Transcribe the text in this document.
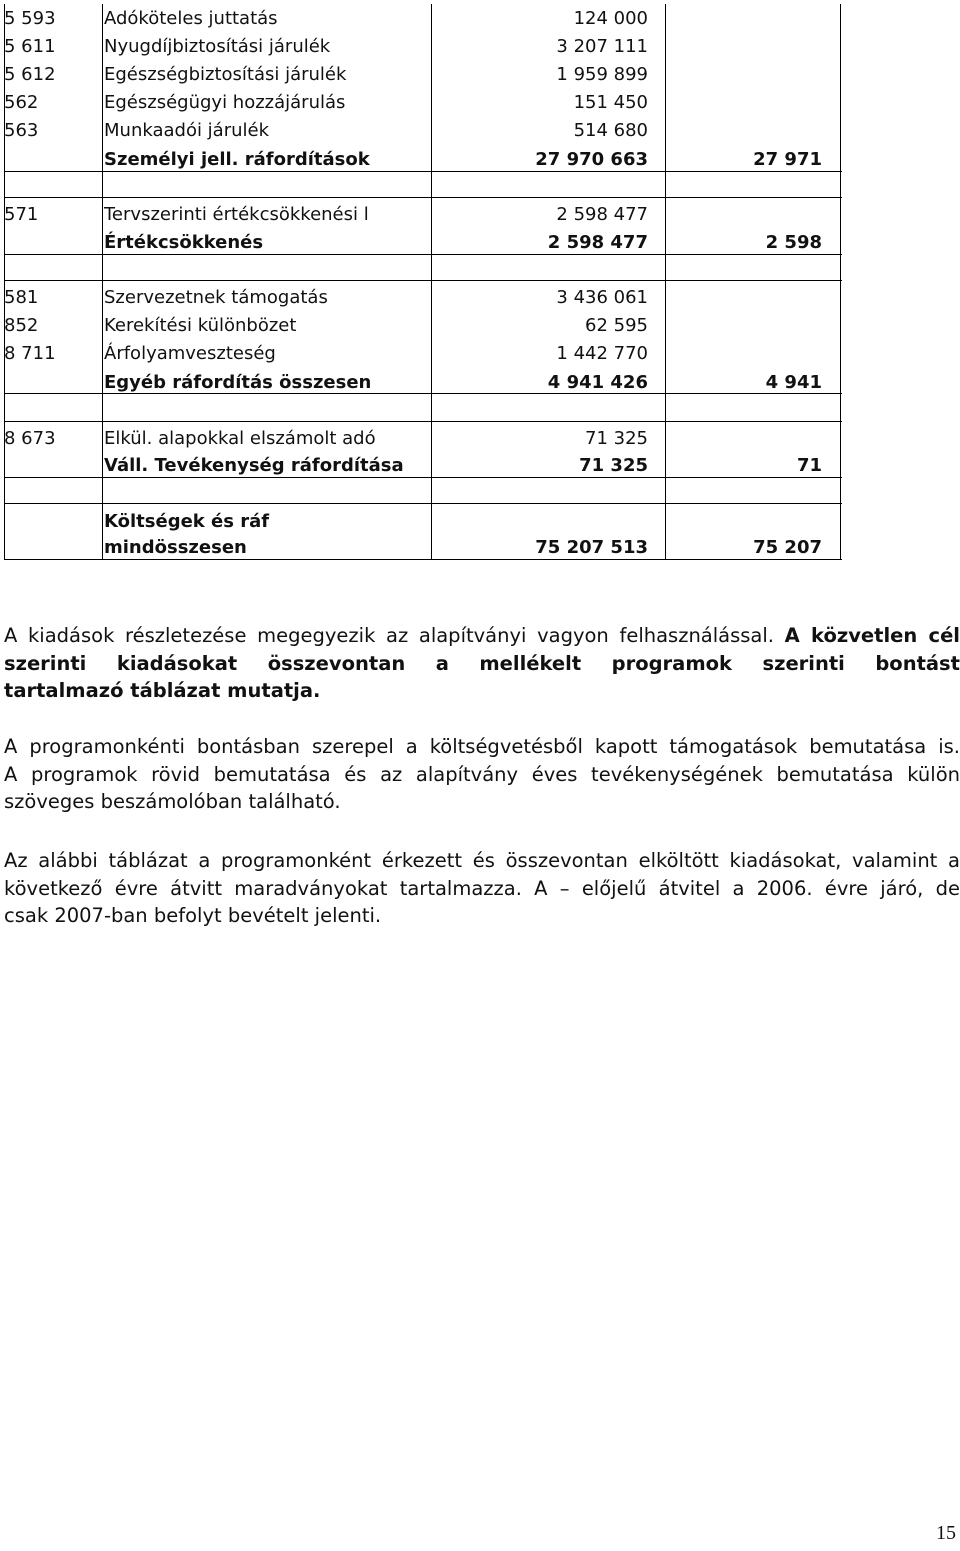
5 593	Adóköteles juttatás	124 000
5 611	Nyugdíjbiztosítási járulék	3 207 111
5 612	Egészségbiztosítási járulék	1 959 899
562	Egészségügyi hozzájárulás	151 450
563	Munkaadói járulék	514 680
Személyi jell. ráfordítások	27 970 663	27 971
571	Tervszerinti értékcsökkenési l	2 598 477
Értékcsökkenés	2 598 477	2 598
581	Szervezetnek támogatás	3 436 061
852	Kerekítési különbözet	62 595
8 711	Árfolyamveszteség	1 442 770
Egyéb ráfordítás összesen	4 941 426	4 941
8 673	Elkül. alapokkal elszámolt adó	71 325
Váll. Tevékenység ráfordítása	71 325	71
Költségek és ráf
mindösszesen	75 207 513	75 207
A kiadások részletezése megegyezik az alapítványi vagyon felhasználással. A közvetlen cél
szerinti kiadásokat összevontan a mellékelt programok szerinti bontást
tartalmazó táblázat mutatja.
A programonkénti bontásban szerepel a költségvetésből kapott támogatások bemutatása is.
A programok rövid bemutatása és az alapítvány éves tevékenységének bemutatása külön
szöveges beszámolóban található.
Az alábbi táblázat a programonként érkezett és összevontan elköltött kiadásokat, valamint a
következő évre átvitt maradványokat tartalmazza. A – előjelű átvitel a 2006. évre járó, de
csak 2007-ban befolyt bevételt jelenti.
15
